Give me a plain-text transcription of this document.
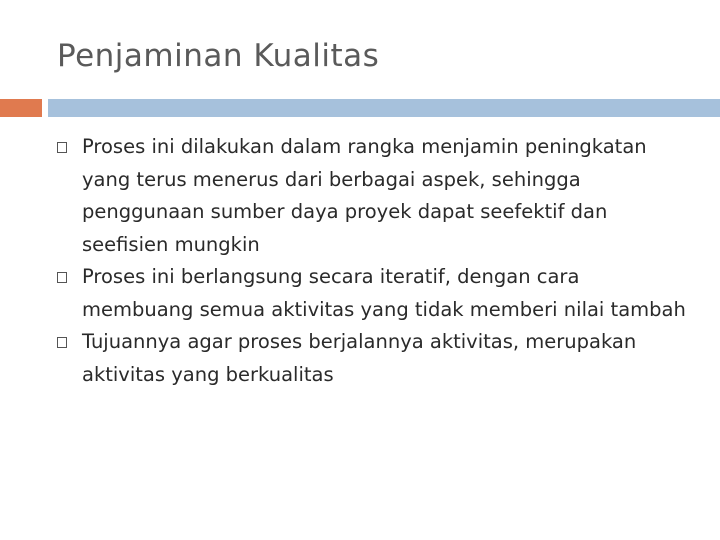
Penjaminan Kualitas
Proses ini dilakukan dalam rangka menjamin peningkatan yang terus menerus dari berbagai aspek, sehingga penggunaan sumber daya proyek dapat seefektif dan seefisien mungkin
Proses ini berlangsung secara iteratif, dengan cara membuang semua aktivitas yang tidak memberi nilai tambah
Tujuannya agar proses berjalannya aktivitas, merupakan aktivitas yang berkualitas
